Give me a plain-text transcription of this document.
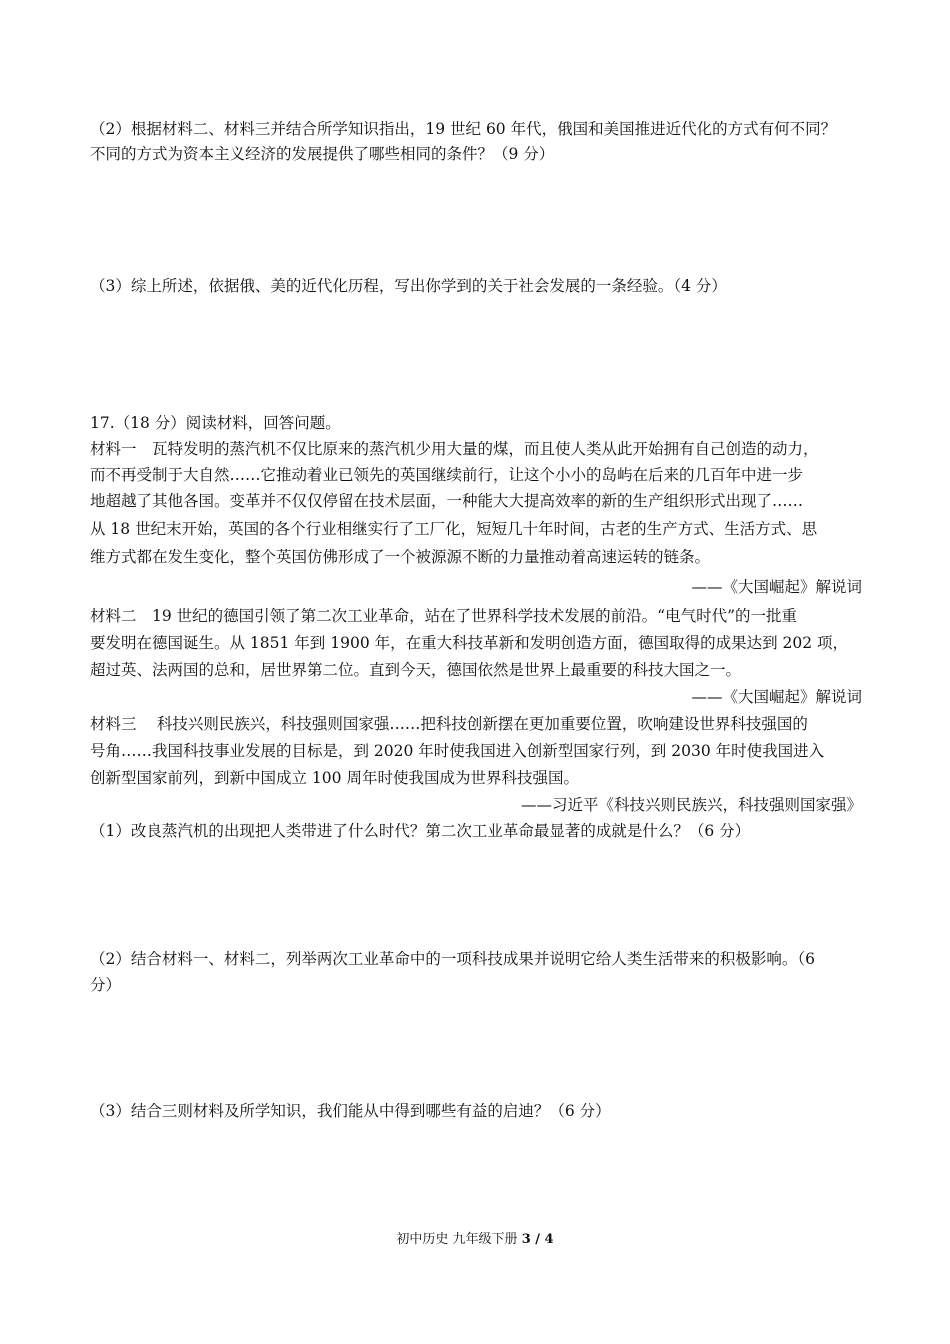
（2）根据材料二、材料三并结合所学知识指出，19 世纪 60 年代，俄国和美国推进近代化的方式有何不同？
不同的方式为资本主义经济的发展提供了哪些相同的条件？（9 分）
（3）综上所述，依据俄、美的近代化历程，写出你学到的关于社会发展的一条经验。（4 分）
17.（18 分）阅读材料，回答问题。
材料一　瓦特发明的蒸汽机不仅比原来的蒸汽机少用大量的煤，而且使人类从此开始拥有自己创造的动力，
而不再受制于大自然……它推动着业已领先的英国继续前行，让这个小小的岛屿在后来的几百年中进一步
地超越了其他各国。变革并不仅仅停留在技术层面，一种能大大提高效率的新的生产组织形式出现了……
从 18 世纪末开始，英国的各个行业相继实行了工厂化，短短几十年时间，古老的生产方式、生活方式、思
维方式都在发生变化，整个英国仿佛形成了一个被源源不断的力量推动着高速运转的链条。
——《大国崛起》解说词
材料二　19 世纪的德国引领了第二次工业革命，站在了世界科学技术发展的前沿。“电气时代”的一批重
要发明在德国诞生。从 1851 年到 1900 年，在重大科技革新和发明创造方面，德国取得的成果达到 202 项，
超过英、法两国的总和，居世界第二位。直到今天，德国依然是世界上最重要的科技大国之一。
——《大国崛起》解说词
材料三　 科技兴则民族兴，科技强则国家强……把科技创新摆在更加重要位置，吹响建设世界科技强国的
号角……我国科技事业发展的目标是，到 2020 年时使我国进入创新型国家行列，到 2030 年时使我国进入
创新型国家前列，到新中国成立 100 周年时使我国成为世界科技强国。
——习近平《科技兴则民族兴，科技强则国家强》
（1）改良蒸汽机的出现把人类带进了什么时代？第二次工业革命最显著的成就是什么？（6 分）
（2）结合材料一、材料二，列举两次工业革命中的一项科技成果并说明它给人类生活带来的积极影响。（6
分）
（3）结合三则材料及所学知识，我们能从中得到哪些有益的启迪？（6 分）
初中历史 九年级下册 3 / 4
